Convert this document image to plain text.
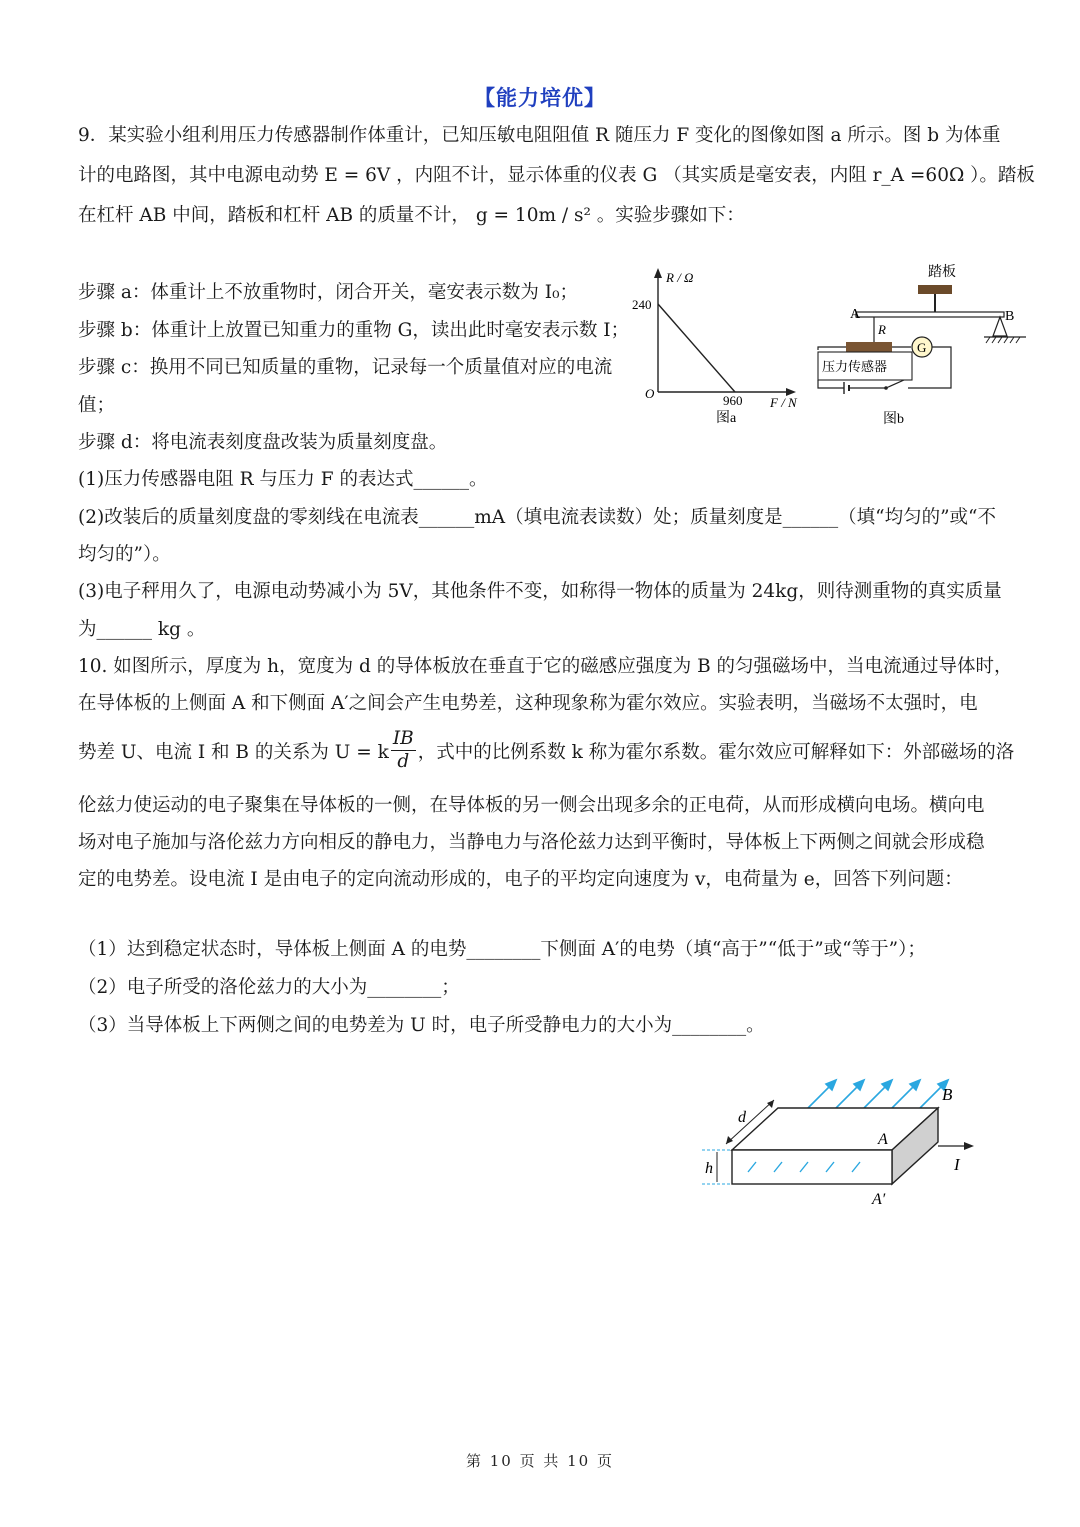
【能力培优】
9．某实验小组利用压力传感器制作体重计，已知压敏电阻阻值 R 随压力 F 变化的图像如图 a 所示。图 b 为体重
计的电路图，其中电源电动势 E = 6V ，内阻不计，显示体重的仪表 G （其实质是毫安表，内阻 r_A =60Ω ）。踏板
在杠杆 AB 中间，踏板和杠杆 AB 的质量不计， g = 10m / s² 。实验步骤如下：
步骤 a：体重计上不放重物时，闭合开关，毫安表示数为 I₀；
步骤 b：体重计上放置已知重力的重物 G，读出此时毫安表示数 I；
步骤 c：换用不同已知质量的重物，记录每一个质量值对应的电流
值；
步骤 d：将电流表刻度盘改装为质量刻度盘。
(1)压力传感器电阻 R 与压力 F 的表达式______。
(2)改装后的质量刻度盘的零刻线在电流表______mA（填电流表读数）处；质量刻度是______（填“均匀的”或“不
均匀的”）。
(3)电子秤用久了，电源电动势减小为 5V，其他条件不变，如称得一物体的质量为 24kg，则待测重物的真实质量
为______ kg 。
R / Ω
240
960 F / N
O
图a
踏板
A	B
R
G
压力传感器
图b
10. 如图所示，厚度为 h，宽度为 d 的导体板放在垂直于它的磁感应强度为 B 的匀强磁场中，当电流通过导体时，
在导体板的上侧面 A 和下侧面 A′之间会产生电势差，这种现象称为霍尔效应。实验表明，当磁场不太强时，电
势差 U、电流 I 和 B 的关系为 U = k $\frac{IB}{d}$ ，式中的比例系数 k 称为霍尔系数。霍尔效应可解释如下：外部磁场的洛
伦兹力使运动的电子聚集在导体板的一侧，在导体板的另一侧会出现多余的正电荷，从而形成横向电场。横向电
场对电子施加与洛伦兹力方向相反的静电力，当静电力与洛伦兹力达到平衡时，导体板上下两侧之间就会形成稳
定的电势差。设电流 I 是由电子的定向流动形成的，电子的平均定向速度为 v，电荷量为 e，回答下列问题：
（1）达到稳定状态时，导体板上侧面 A 的电势________下侧面 A′的电势（填“高于”“低于”或“等于”）；
（2）电子所受的洛伦兹力的大小为________；
（3）当导体板上下两侧之间的电势差为 U 时，电子所受静电力的大小为________。
B
A
A′
d
h	I
第 10 页 共 10 页
